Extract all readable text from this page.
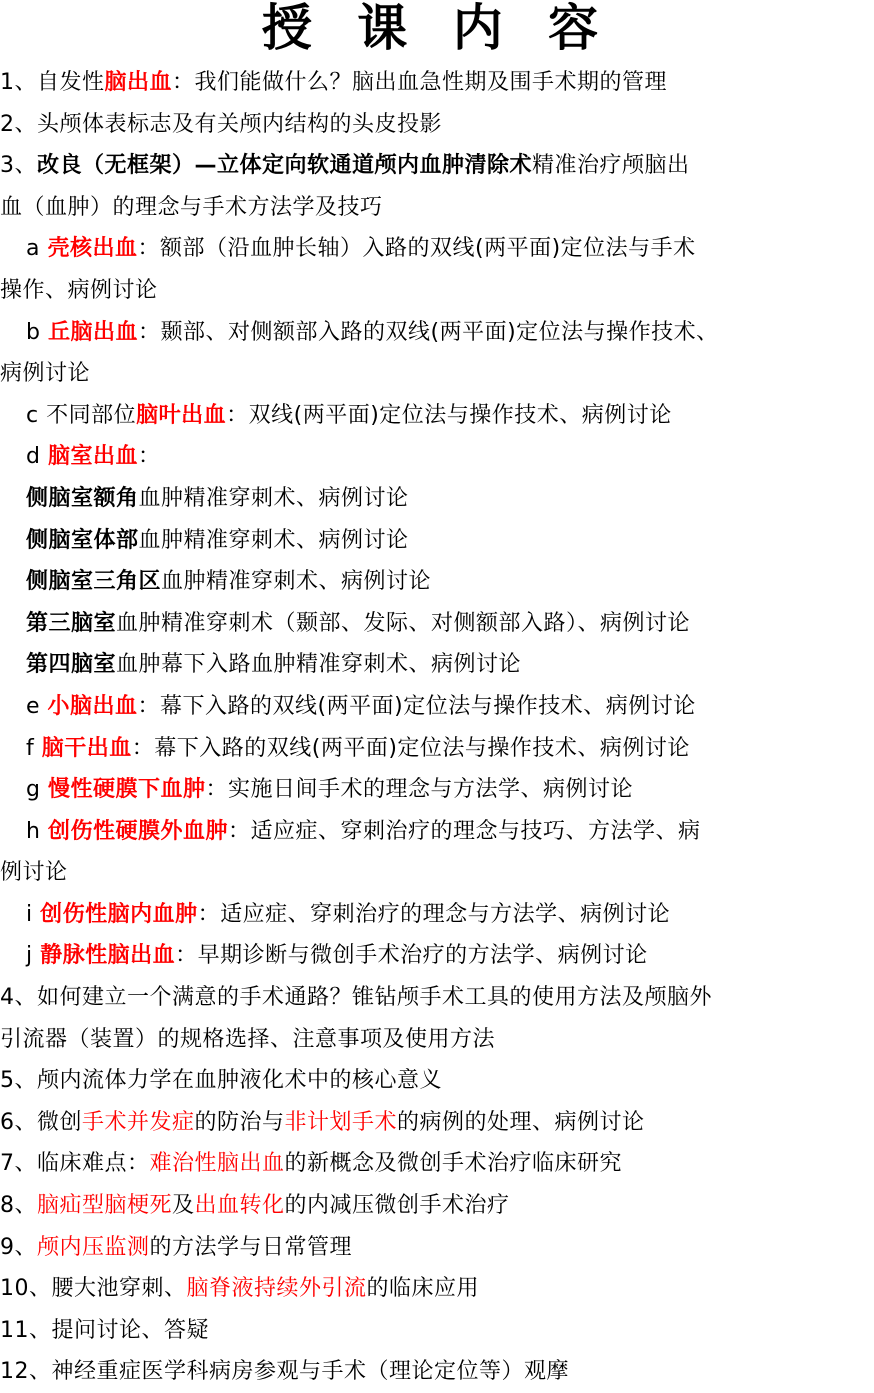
授 课 内 容
1、自发性脑出血：我们能做什么？脑出血急性期及围手术期的管理
2、头颅体表标志及有关颅内结构的头皮投影
3、改良（无框架）—立体定向软通道颅内血肿清除术精准治疗颅脑出
血（血肿）的理念与手术方法学及技巧
a 壳核出血：额部（沿血肿长轴）入路的双线(两平面)定位法与手术
操作、病例讨论
b 丘脑出血：颞部、对侧额部入路的双线(两平面)定位法与操作技术、
病例讨论
c 不同部位脑叶出血：双线(两平面)定位法与操作技术、病例讨论
d 脑室出血：
侧脑室额角血肿精准穿刺术、病例讨论
侧脑室体部血肿精准穿刺术、病例讨论
侧脑室三角区血肿精准穿刺术、病例讨论
第三脑室血肿精准穿刺术（颞部、发际、对侧额部入路）、病例讨论
第四脑室血肿幕下入路血肿精准穿刺术、病例讨论
e 小脑出血：幕下入路的双线(两平面)定位法与操作技术、病例讨论
f 脑干出血：幕下入路的双线(两平面)定位法与操作技术、病例讨论
g 慢性硬膜下血肿：实施日间手术的理念与方法学、病例讨论
h 创伤性硬膜外血肿：适应症、穿刺治疗的理念与技巧、方法学、病
例讨论
i 创伤性脑内血肿：适应症、穿刺治疗的理念与方法学、病例讨论
j 静脉性脑出血：早期诊断与微创手术治疗的方法学、病例讨论
4、如何建立一个满意的手术通路？锥钻颅手术工具的使用方法及颅脑外
引流器（装置）的规格选择、注意事项及使用方法
5、颅内流体力学在血肿液化术中的核心意义
6、微创手术并发症的防治与非计划手术的病例的处理、病例讨论
7、临床难点：难治性脑出血的新概念及微创手术治疗临床研究
8、脑疝型脑梗死及出血转化的内减压微创手术治疗
9、颅内压监测的方法学与日常管理
10、腰大池穿刺、脑脊液持续外引流的临床应用
11、提问讨论、答疑
12、神经重症医学科病房参观与手术（理论定位等）观摩
